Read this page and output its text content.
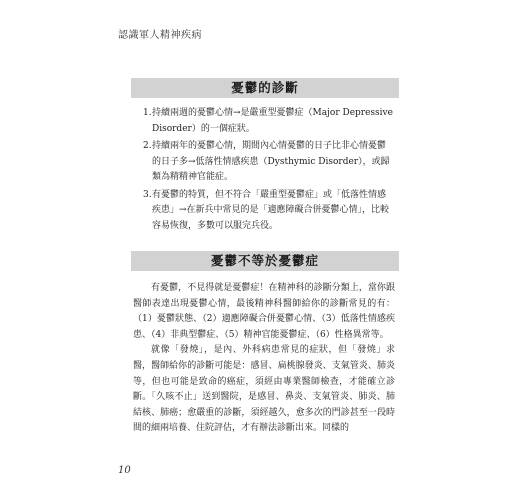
認識軍人精神疾病
憂鬱的診斷
1. 持續兩週的憂鬱心情→是嚴重型憂鬱症（Major Depressive Disorder）的一個症狀。
2. 持續兩年的憂鬱心情，期間內心情憂鬱的日子比非心情憂鬱的日子多→低落性情感疾患（Dysthymic Disorder），或歸類為精精神官能症。
3. 有憂鬱的特質，但不符合「嚴重型憂鬱症」或「低落性情感疾患」→在新兵中常見的是「適應障礙合併憂鬱心情」，比較容易恢復，多數可以服完兵役。
憂鬱不等於憂鬱症

有憂鬱，不見得就是憂鬱症！在精神科的診斷分類上，當你跟醫師表達出現憂鬱心情，最後精神科醫師給你的診斷常見的有：（1）憂鬱狀態、（2）適應障礙合併憂鬱心情、（3）低落性情感疾患、（4）非典型鬱症、（5）精神官能憂鬱症、（6）性格異常等。

就像「發燒」，是內、外科病患常見的症狀，但「發燒」求醫，醫師給你的診斷可能是：感冒、扁桃腺發炎、支氣管炎、肺炎等，但也可能是致命的癌症，須經由專業醫師檢查，才能確立診斷。「久咳不止」送到醫院，是感冒、鼻炎、支氣管炎、肺炎、肺結核、肺癌；愈嚴重的診斷，須經越久，愈多次的門診甚至一段時間的細兩培養、住院評估，才有辦法診斷出來。同樣的

10
